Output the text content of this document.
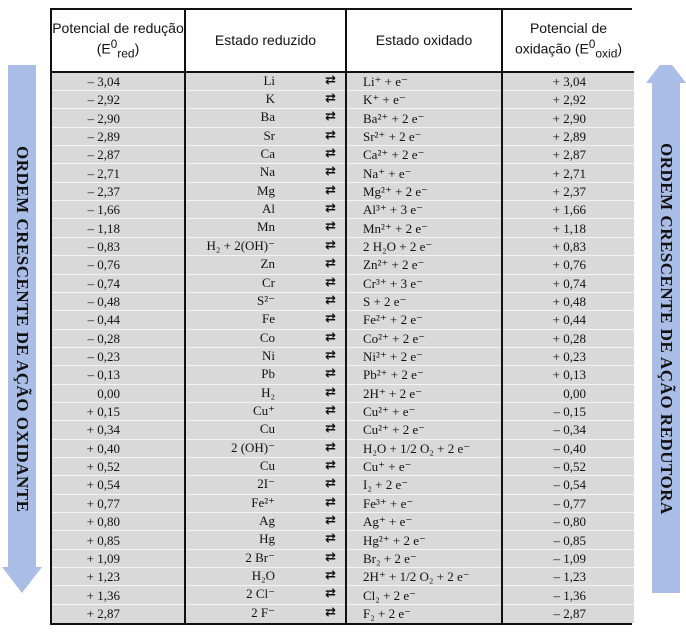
ORDEM CRESCENTE DE AÇÃO OXIDANTE	ORDEM CRESCENTE DE AÇÃO REDUTORA
Potencial de redução $(E^0_{red})$	Estado reduzido	Estado oxidado	Potencial de oxidação $(E^0_{oxid})$
– 3,04	Li ⇄	Li⁺ + e⁻	+ 3,04
– 2,92	K ⇄	K⁺ + e⁻	+ 2,92
– 2,90	Ba ⇄	Ba²⁺ + 2 e⁻	+ 2,90
– 2,89	Sr ⇄	Sr²⁺ + 2 e⁻	+ 2,89
– 2,87	Ca ⇄	Ca²⁺ + 2 e⁻	+ 2,87
– 2,71	Na ⇄	Na⁺ + e⁻	+ 2,71
– 2,37	Mg ⇄	Mg²⁺ + 2 e⁻	+ 2,37
– 1,66	Al ⇄	Al³⁺ + 3 e⁻	+ 1,66
– 1,18	Mn ⇄	Mn²⁺ + 2 e⁻	+ 1,18
– 0,83	H₂ + 2(OH)⁻ ⇄	2 H₂O + 2 e⁻	+ 0,83
– 0,76	Zn ⇄	Zn²⁺ + 2 e⁻	+ 0,76
– 0,74	Cr ⇄	Cr³⁺ + 3 e⁻	+ 0,74
– 0,48	S²⁻ ⇄	S + 2 e⁻	+ 0,48
– 0,44	Fe ⇄	Fe²⁺ + 2 e⁻	+ 0,44
– 0,28	Co ⇄	Co²⁺ + 2 e⁻	+ 0,28
– 0,23	Ni ⇄	Ni²⁺ + 2 e⁻	+ 0,23
– 0,13	Pb ⇄	Pb²⁺ + 2 e⁻	+ 0,13
0,00	H₂ ⇄	2H⁺ + 2 e⁻	0,00
+ 0,15	Cu⁺ ⇄	Cu²⁺ + e⁻	– 0,15
+ 0,34	Cu ⇄	Cu²⁺ + 2 e⁻	– 0,34
+ 0,40	2 (OH)⁻ ⇄	H₂O + 1/2 O₂ + 2 e⁻	– 0,40
+ 0,52	Cu ⇄	Cu⁺ + e⁻	– 0,52
+ 0,54	2I⁻ ⇄	I₂ + 2 e⁻	– 0,54
+ 0,77	Fe²⁺ ⇄	Fe³⁺ + e⁻	– 0,77
+ 0,80	Ag ⇄	Ag⁺ + e⁻	– 0,80
+ 0,85	Hg ⇄	Hg²⁺ + 2 e⁻	– 0,85
+ 1,09	2 Br⁻ ⇄	Br₂ + 2 e⁻	– 1,09
+ 1,23	H₂O ⇄	2H⁺ + 1/2 O₂ + 2 e⁻	– 1,23
+ 1,36	2 Cl⁻ ⇄	Cl₂ + 2 e⁻	– 1,36
+ 2,87	2 F⁻ ⇄	F₂ + 2 e⁻	– 2,87
